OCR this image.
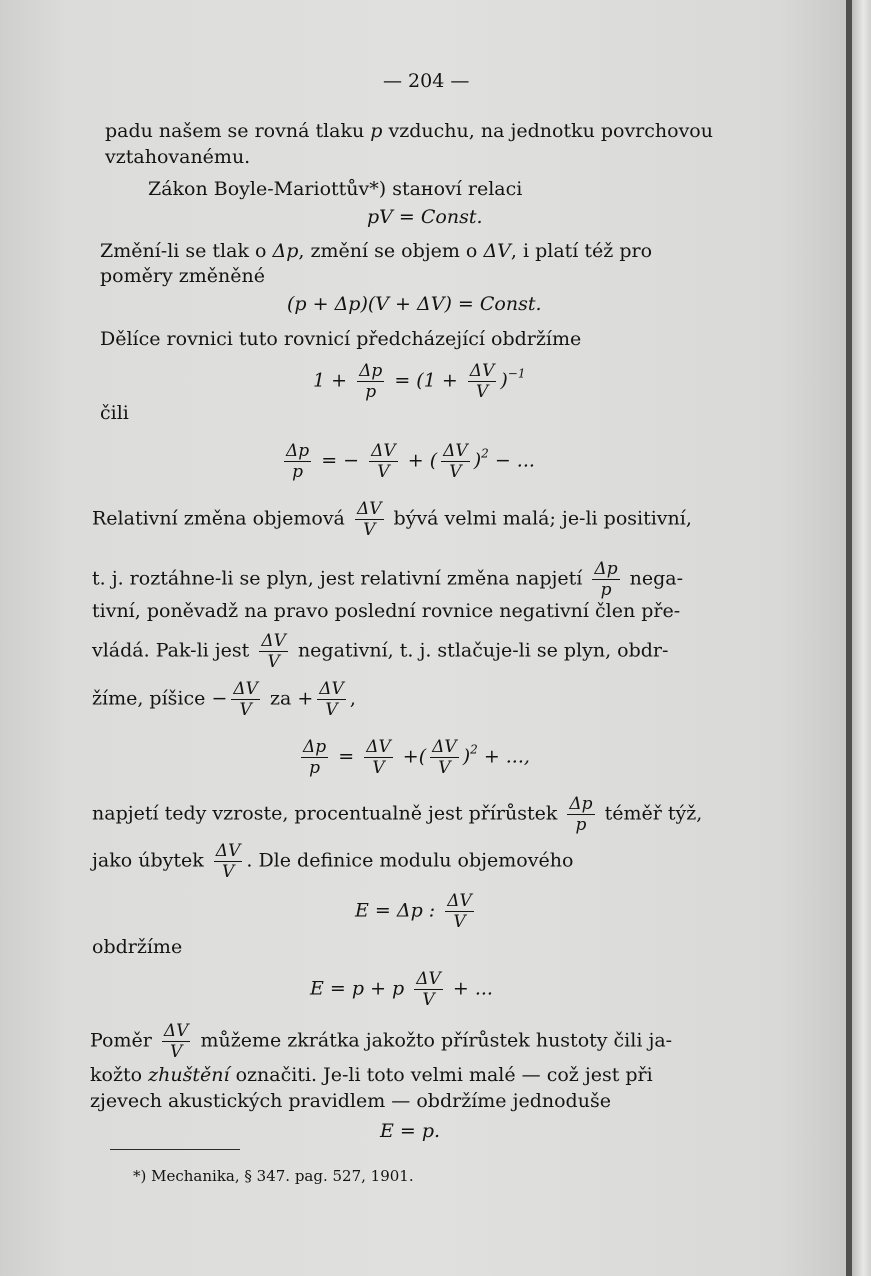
— 204 —
padu našem se rovná tlaku p vzduchu, na jednotku povrchovou
vztahovanému.
Zákon Boyle-Mariottův*) staноví relaci
pV = Const.
Změní-li se tlak o Δp, změní se objem o ΔV, i platí též pro
poměry změněné
(p + Δp)(V + ΔV) = Const.
Dělíce rovnici tuto rovnicí předcházející obdržíme
$1 + \frac{\Delta p}{p} = (1 + \frac{\Delta V}{V} )^{-1}$
čili
$\frac{\Delta p}{p}$ = − $\frac{\Delta V}{V}$ + ( $\frac{\Delta V}{V} )^2$ − ...
Relativní změna objemová $\frac{\Delta V}{V}$ bývá velmi malá; je-li positivní,
t. j. roztáhne-li se plyn, jest relativní změna napjetí $\frac{\Delta p}{p}$ nega-
tivní, poněvadž na pravo poslední rovnice negativní člen pře-
vládá. Pak-li jest $\frac{\Delta V}{V}$ negativní, t. j. stlačuje-li se plyn, obdr-
žíme, píšice − $\frac{\Delta V}{V}$ za + $\frac{\Delta V}{V}$ ,
$\frac{\Delta p}{p} = \frac{\Delta V}{V}$ +( $\frac{\Delta V}{V} )^2$ + ...,
napjetí tedy vzroste, procentualně jest přírůstek $\frac{\Delta p}{p}$ téměř týž,
jako úbytek $\frac{\Delta V}{V}$ . Dle definice modulu objemového
E = Δp : $\frac{\Delta V}{V}$
obdržíme
E = p + p $\frac{\Delta V}{V}$ + ...
Poměr $\frac{\Delta V}{V}$ můžeme zkrátka jakožto přírůstek hustoty čili ja-
kožto zhuštění označiti. Je-li toto velmi malé — což jest při
zjevech akustických pravidlem — obdržíme jednoduše
E = p.
*) Mechanika, § 347. pag. 527, 1901.
